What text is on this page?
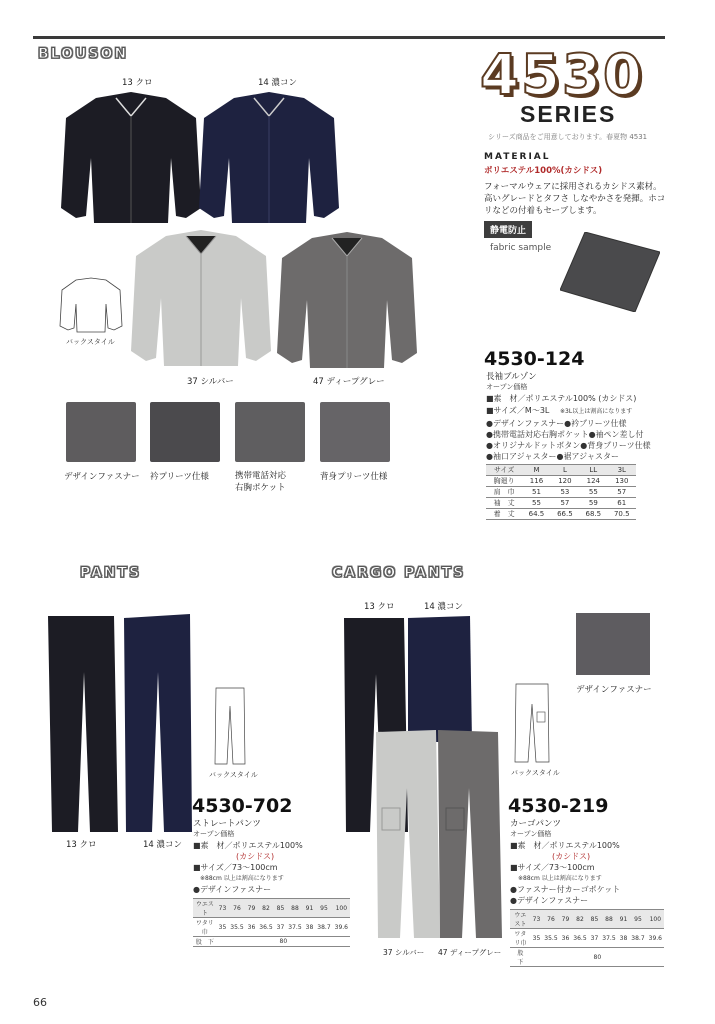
BLOUSON
PANTS	CARGO PANTS
4530
SERIES
シリーズ商品をご用意しております。春夏物 4531
MATERIAL
ポリエステル100%(カシドス)
フォーマルウェアに採用されるカシドス素材。
高いグレードとタフさ しなやかさを発揮。ホコ
リなどの付着もセーブします。
静電防止
fabric sample
13 クロ	14 濃コン
バックスタイル
37 シルバー	47 ディープグレー
デザインファスナー 衿プリーツ仕様	携帯電話対応
右胸ポケット
背身プリーツ仕様
4530-124
長袖ブルゾン
オープン価格
■素　材／ポリエステル100% (カシドス)
■サイズ／M～3L ※3L以上は割高になります
●デザインファスナー●衿プリーツ仕様
●携帯電話対応右胸ポケット●袖ペン差し付
●オリジナルドットボタン●背身プリーツ仕様
●袖口アジャスター●裾アジャスター
サイズ	M	L	LL	3L
胸廻り	116	120	124	130
肩　巾	51	53	55	57
袖　丈	55	57	59	61
着　丈	64.5	66.5	68.5	70.5
バックスタイル
13 クロ	14 濃コン
4530-702
ストレートパンツ
オープン価格
■素　材／ポリエステル100%
(カシドス)
■サイズ／73～100cm
※88cm 以上は割高になります
●デザインファスナー
ウエスト	73	76	79	82	85	88	91	95	100
ワタリ巾	35	35.5	36	36.5	37	37.5	38	38.7	39.6
股　下	80								
13 クロ	14 濃コン
37 シルバー 47 ディープグレー
デザインファスナー
バックスタイル
4530-219
カーゴパンツ
オープン価格
■素　材／ポリエステル100%
(カシドス)
■サイズ／73～100cm
※88cm 以上は割高になります
●ファスナー付カーゴポケット
●デザインファスナー
ウエスト	73	76	79	82	85	88	91	95	100
ワタリ巾	35	35.5	36	36.5	37	37.5	38	38.7	39.6
股　下	80								
66
